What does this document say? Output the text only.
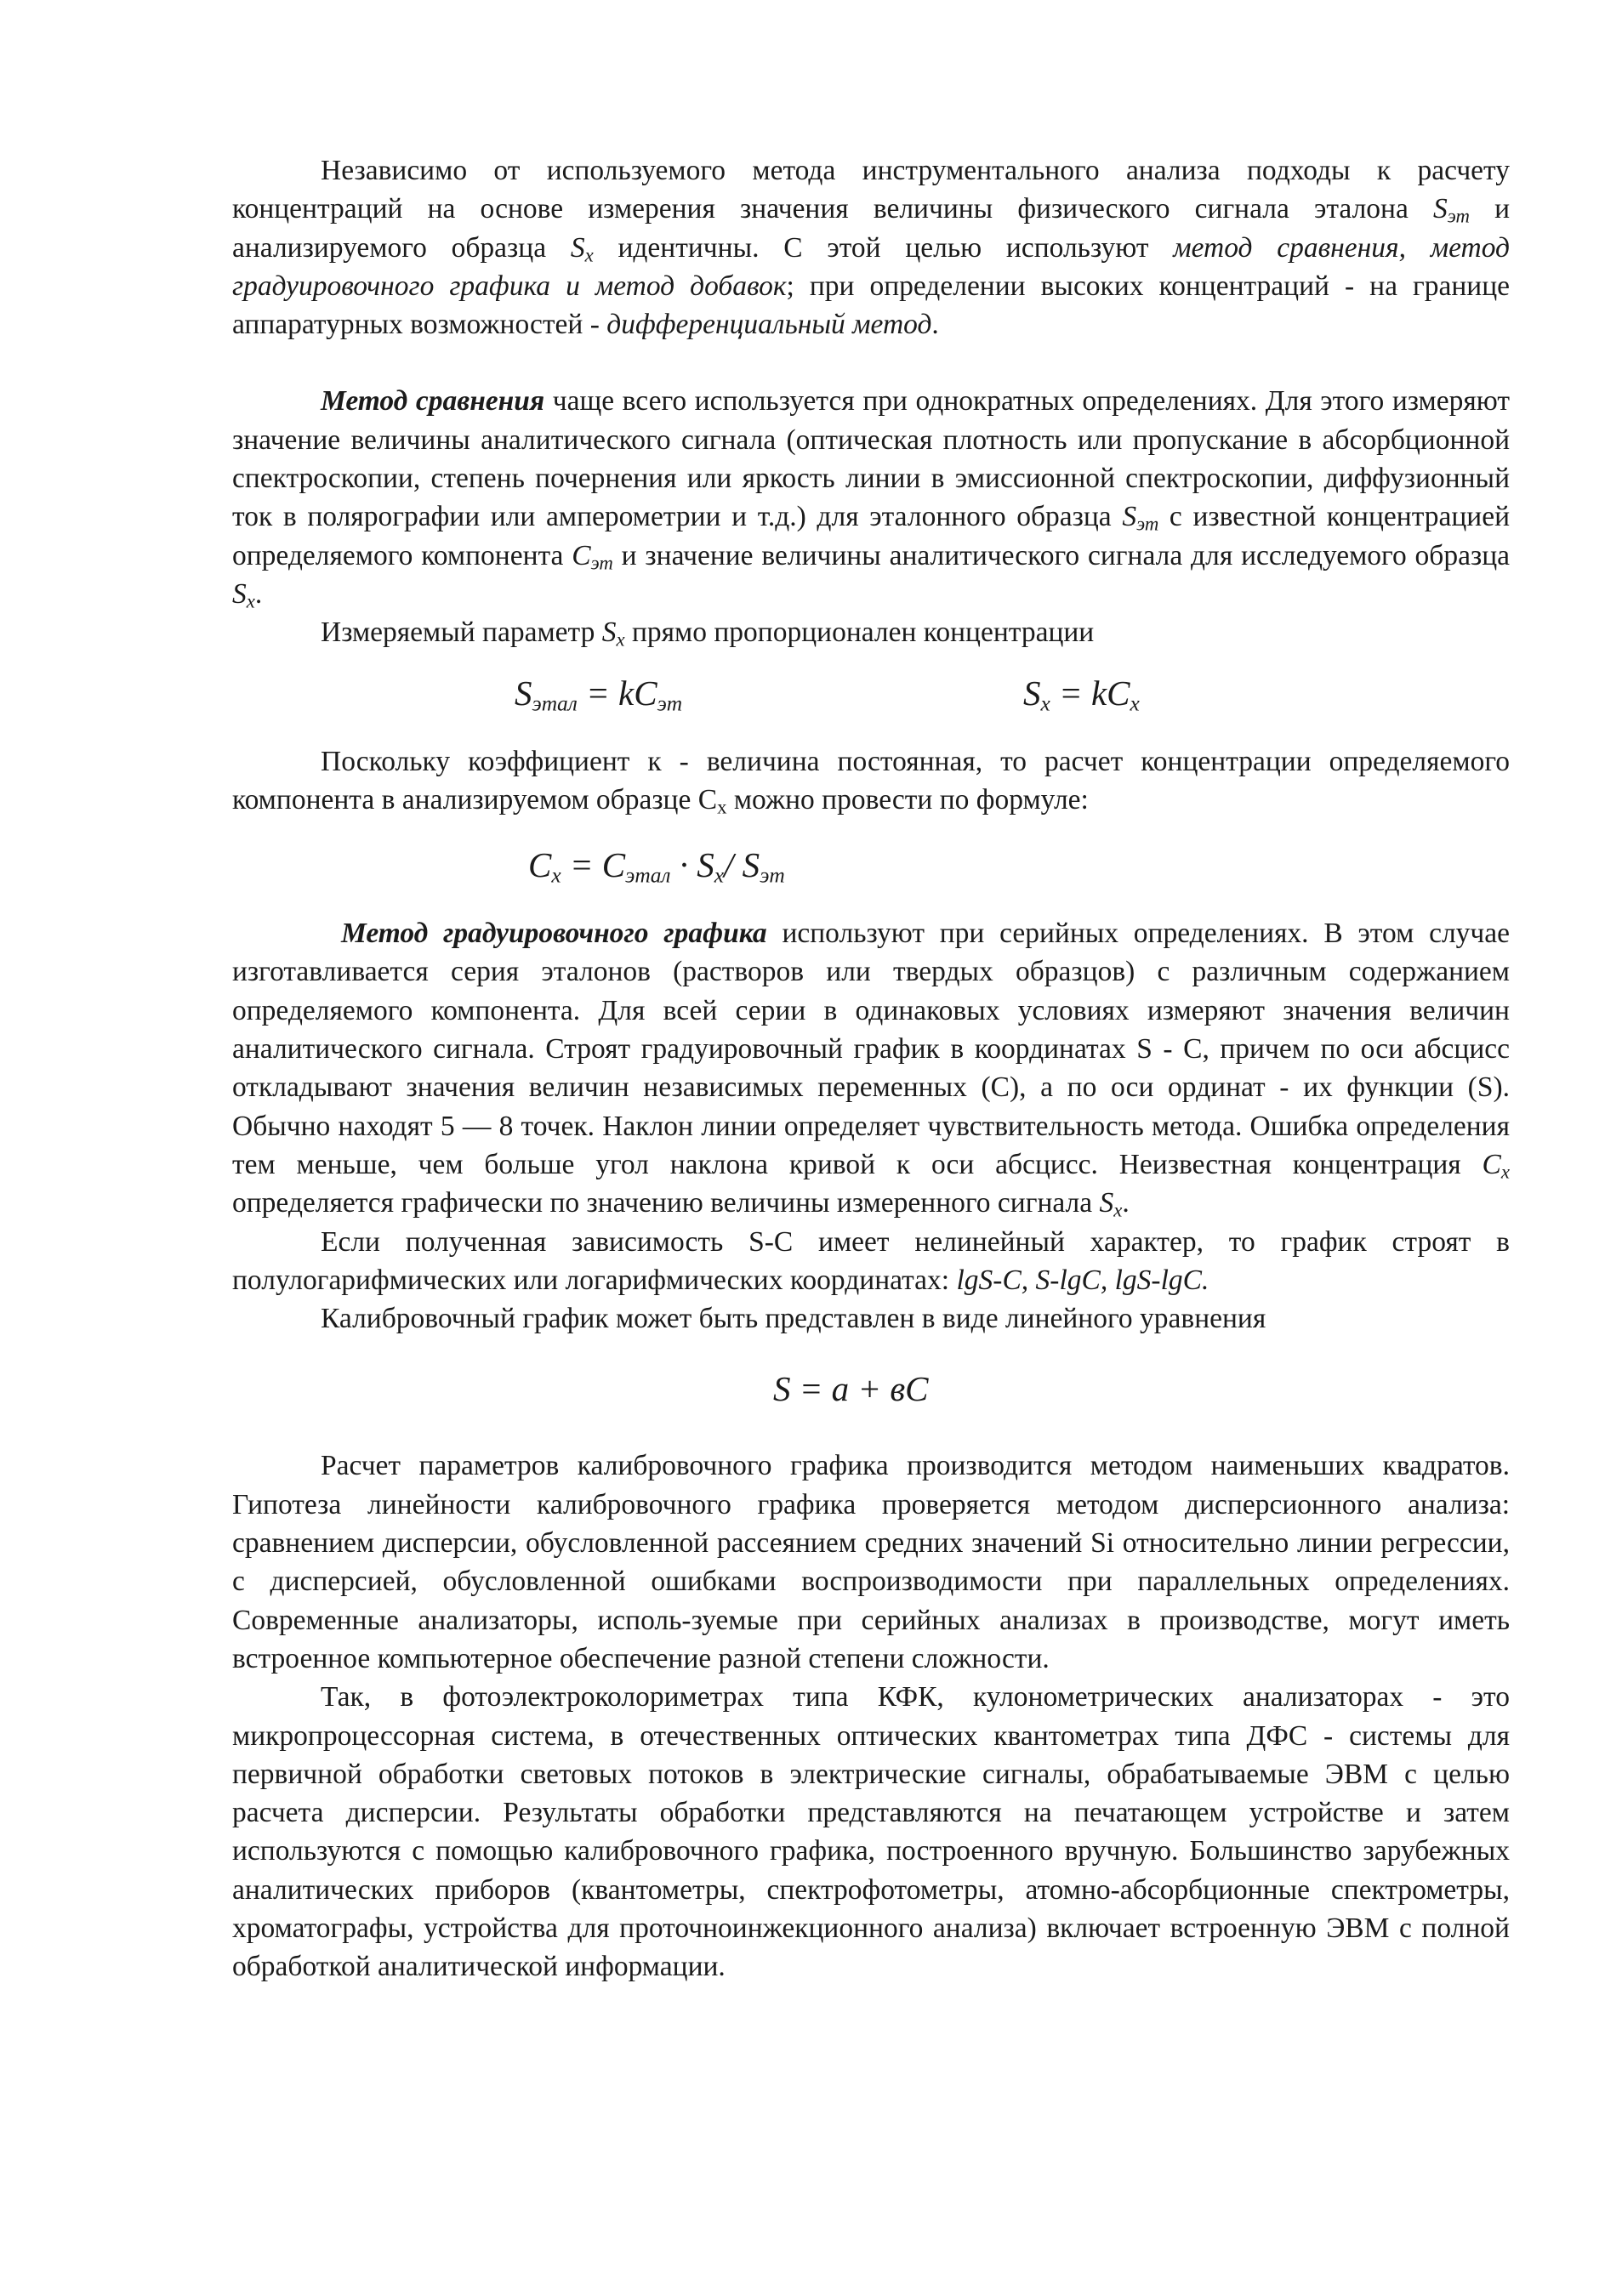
Независимо от используемого метода инструментального анализа подходы к расчету концентраций на основе измерения значения величины физического сигнала эталона $S_{эт}$ и анализируемого образца $S_x$ идентичны. С этой целью используют метод сравнения, метод градуировочного графика и метод добавок; при определении высоких концентраций - на границе аппаратурных возможностей - дифференциальный метод.

Метод сравнения чаще всего используется при однократных определениях. Для этого измеряют значение величины аналитического сигнала (оптическая плотность или пропускание в абсорбционной спектроскопии, степень почернения или яркость линии в эмиссионной спектроскопии, диффузионный ток в полярографии или амперометрии и т.д.) для эталонного образца $S_{эт}$ с известной концентрацией определяемого компонента $C_{эт}$ и значение величины аналитического сигнала для исследуемого образца $S_x$.

Измеряемый параметр $S_x$ прямо пропорционален концентрации

$S_{эmал} = kC_{эm}$	$S_x = kC_x$

Поскольку коэффициент к - величина постоянная, то расчет концентрации определяемого компонента в анализируемом образце $С_х$ можно провести по формуле:

$C_x = C_{эmал} \cdot S_x/$ $S_{эm}$

Метод градуировочного графика используют при серийных определениях. В этом случае изготавливается серия эталонов (растворов или твердых образцов) с различным содержанием определяемого компонента. Для всей серии в одинаковых условиях измеряют значения величин аналитического сигнала. Строят градуировочный график в координатах S - С, причем по оси абсцисс откладывают значения величин независимых переменных (С), а по оси ординат - их функции (S). Обычно находят 5 — 8 точек. Наклон линии определяет чувствительность метода. Ошибка определения тем меньше, чем больше угол наклона кривой к оси абсцисс. Неизвестная концентрация $C_x$ определяется графически по значению величины измеренного сигнала $S_x$.

Если полученная зависимость S-C имеет нелинейный характер, то график строят в полулогарифмических или логарифмических координатах: lgS-C, S-lgC, lgS-lgC.

Калибровочный график может быть представлен в виде линейного уравнения

S = a + вC

Расчет параметров калибровочного графика производится методом наименьших квадратов. Гипотеза линейности калибровочного графика проверяется методом дисперсионного анализа: сравнением дисперсии, обусловленной рассеянием средних значений Si относительно линии регрессии, с дисперсией, обусловленной ошибками воспроизводимости при параллельных определениях. Современные анализаторы, исполь-зуемые при серийных анализах в производстве, могут иметь встроенное компьютерное обеспечение разной степени сложности.

Так, в фотоэлектроколориметрах типа КФК, кулонометрических анализаторах - это микропроцессорная система, в отечественных оптических квантометрах типа ДФС - системы для первичной обработки световых потоков в электрические сигналы, обрабатываемые ЭВМ с целью расчета дисперсии. Результаты обработки представляются на печатающем устройстве и затем используются с помощью калибровочного графика, построенного вручную. Большинство зарубежных аналитических приборов (квантометры, спектрофотометры, атомно-абсорбционные спектрометры, хроматографы, устройства для проточноинжекционного анализа) включает встроенную ЭВМ с полной обработкой аналитической информации.
